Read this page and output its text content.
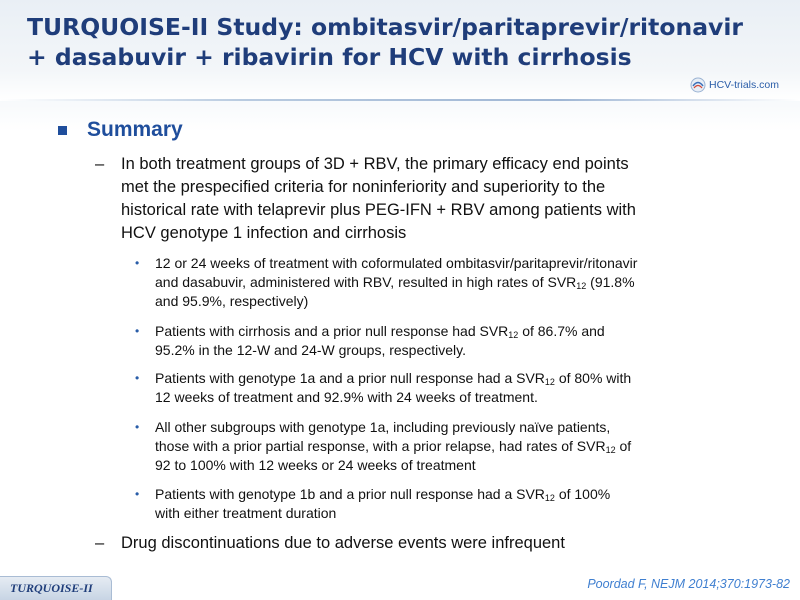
TURQUOISE-II Study: ombitasvir/paritaprevir/ritonavir
+ dasabuvir + ribavirin for HCV with cirrhosis
HCV-trials.com
Summary
–	In both treatment groups of 3D + RBV, the primary efficacy end points
met the prespecified criteria for noninferiority and superiority to the
historical rate with telaprevir plus PEG-IFN + RBV among patients with
HCV genotype 1 infection and cirrhosis
• 12 or 24 weeks of treatment with coformulated ombitasvir/paritaprevir/ritonavir
and dasabuvir, administered with RBV, resulted in high rates of $SVR_{12}$ (91.8%
and 95.9%, respectively)
• Patients with cirrhosis and a prior null response had $SVR_{12}$ of 86.7% and
95.2% in the 12-W and 24-W groups, respectively.
• Patients with genotype 1a and a prior null response had a $SVR_{12}$ of 80% with
12 weeks of treatment and 92.9% with 24 weeks of treatment.
• All other subgroups with genotype 1a, including previously naïve patients,
those with a prior partial response, with a prior relapse, had rates of $SVR_{12}$ of
92 to 100% with 12 weeks or 24 weeks of treatment
• Patients with genotype 1b and a prior null response had a $SVR_{12}$ of 100%
with either treatment duration
–	Drug discontinuations due to adverse events were infrequent
TURQUOISE-II	Poordad F, NEJM 2014;370:1973-82
